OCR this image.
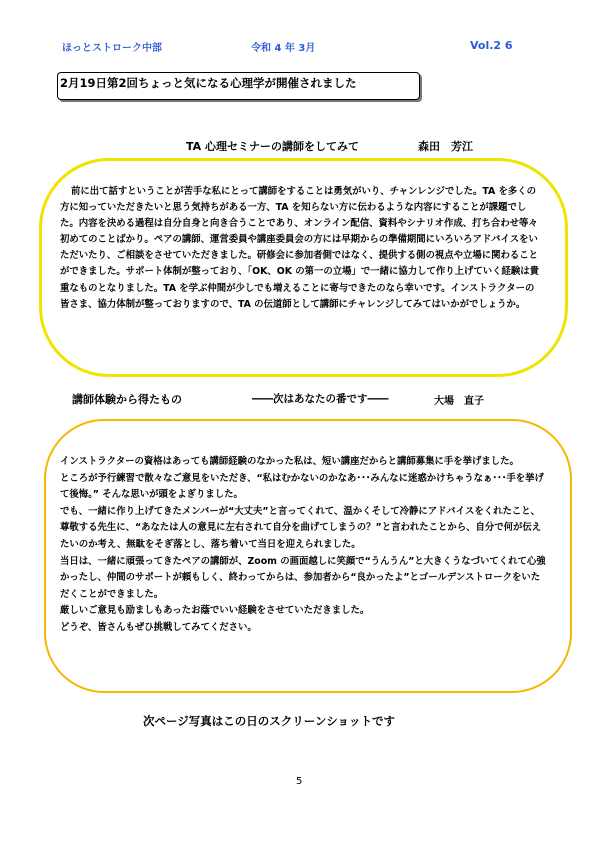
ほっとストローク中部	令和 4 年 3月	Vol.2 6
2月19日第2回ちょっと気になる心理学が開催されました
TA 心理セミナーの講師をしてみて	森田　芳江

前に出て話すということが苦手な私にとって講師をすることは勇気がいり、チャンレンジでした。TA を多くの方に知っていただきたいと思う気持ちがある一方、TA を知らない方に伝わるような内容にすることが課題でした。内容を決める過程は自分自身と向き合うことであり、オンライン配信、資料やシナリオ作成、打ち合わせ等々初めてのことばかり。ペアの講師、運営委員や講座委員会の方には早期からの準備期間にいろいろアドバイスをいただいたり、ご相談をさせていただきました。研修会に参加者側ではなく、提供する側の視点や立場に関わることができました。サポート体制が整っており、「OK、OK の第一の立場」で一緒に協力して作り上げていく経験は貴重なものとなりました。TA を学ぶ仲間が少しでも増えることに寄与できたのなら幸いです。インストラクターの皆さま、協力体制が整っておりますので、TA の伝道師として講師にチャレンジしてみてはいかがでしょうか。

講師体験から得たもの	――次はあなたの番です――	大場　直子

インストラクターの資格はあっても講師経験のなかった私は、短い講座だからと講師募集に手を挙げました。

ところが予行練習で散々なご意見をいただき、“私はむかないのかなあ･･･みんなに迷惑かけちゃうなぁ･･･手を挙げて後悔。” そんな思いが頭をよぎりました。

でも、一緒に作り上げてきたメンバーが“大丈夫”と言ってくれて、温かくそして冷静にアドバイスをくれたこと、尊敬する先生に、“あなたは人の意見に左右されて自分を曲げてしまうの？”と言われたことから、自分で何が伝えたいのか考え、無駄をそぎ落とし、落ち着いて当日を迎えられました。

当日は、一緒に頑張ってきたペアの講師が、Zoom の画面越しに笑顔で“うんうん”と大きくうなづいてくれて心強かったし、仲間のサポートが頼もしく、終わってからは、参加者から“良かったよ”とゴールデンストロークをいただくことができました。

厳しいご意見も励ましもあったお蔭でいい経験をさせていただきました。

どうぞ、皆さんもぜひ挑戦してみてください。

次ページ写真はこの日のスクリーンショットです
5
